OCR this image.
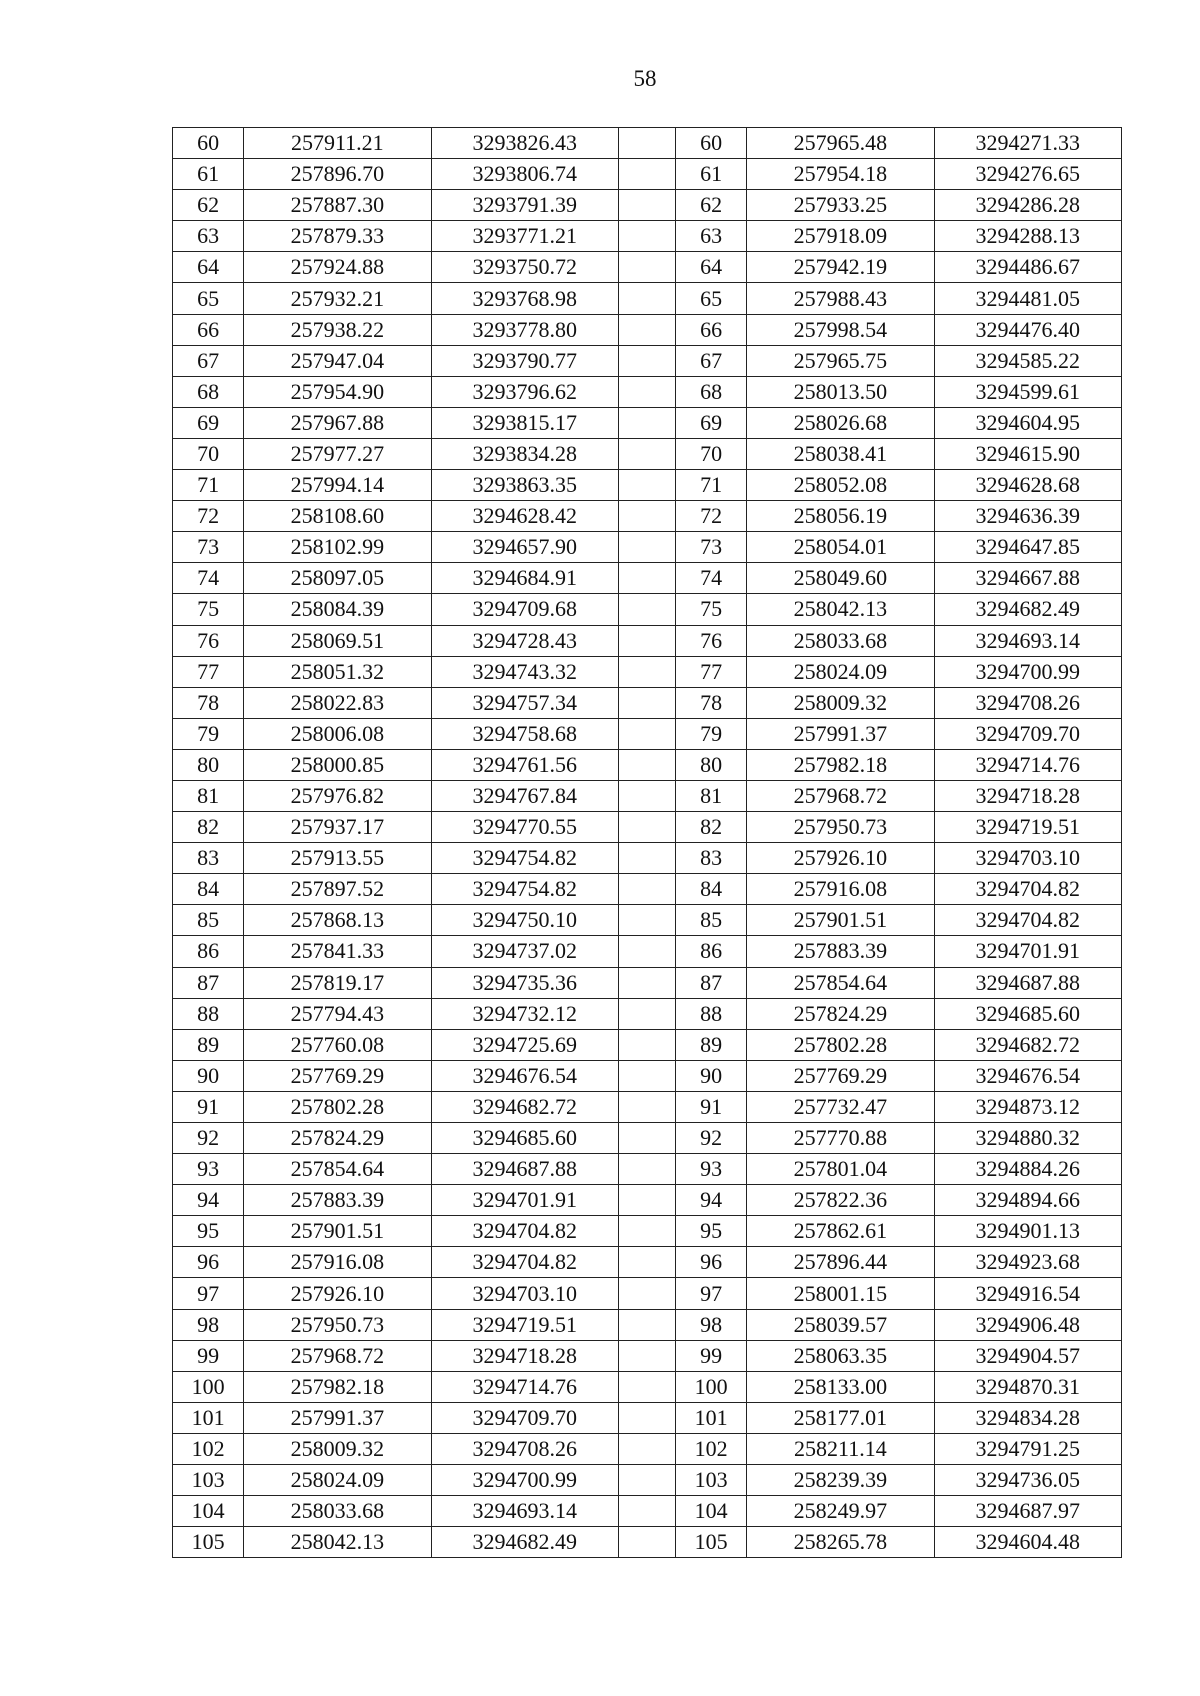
58
60	257911.21	3293826.43		60	257965.48	3294271.33
61	257896.70	3293806.74		61	257954.18	3294276.65
62	257887.30	3293791.39		62	257933.25	3294286.28
63	257879.33	3293771.21		63	257918.09	3294288.13
64	257924.88	3293750.72		64	257942.19	3294486.67
65	257932.21	3293768.98		65	257988.43	3294481.05
66	257938.22	3293778.80		66	257998.54	3294476.40
67	257947.04	3293790.77		67	257965.75	3294585.22
68	257954.90	3293796.62		68	258013.50	3294599.61
69	257967.88	3293815.17		69	258026.68	3294604.95
70	257977.27	3293834.28		70	258038.41	3294615.90
71	257994.14	3293863.35		71	258052.08	3294628.68
72	258108.60	3294628.42		72	258056.19	3294636.39
73	258102.99	3294657.90		73	258054.01	3294647.85
74	258097.05	3294684.91		74	258049.60	3294667.88
75	258084.39	3294709.68		75	258042.13	3294682.49
76	258069.51	3294728.43		76	258033.68	3294693.14
77	258051.32	3294743.32		77	258024.09	3294700.99
78	258022.83	3294757.34		78	258009.32	3294708.26
79	258006.08	3294758.68		79	257991.37	3294709.70
80	258000.85	3294761.56		80	257982.18	3294714.76
81	257976.82	3294767.84		81	257968.72	3294718.28
82	257937.17	3294770.55		82	257950.73	3294719.51
83	257913.55	3294754.82		83	257926.10	3294703.10
84	257897.52	3294754.82		84	257916.08	3294704.82
85	257868.13	3294750.10		85	257901.51	3294704.82
86	257841.33	3294737.02		86	257883.39	3294701.91
87	257819.17	3294735.36		87	257854.64	3294687.88
88	257794.43	3294732.12		88	257824.29	3294685.60
89	257760.08	3294725.69		89	257802.28	3294682.72
90	257769.29	3294676.54		90	257769.29	3294676.54
91	257802.28	3294682.72		91	257732.47	3294873.12
92	257824.29	3294685.60		92	257770.88	3294880.32
93	257854.64	3294687.88		93	257801.04	3294884.26
94	257883.39	3294701.91		94	257822.36	3294894.66
95	257901.51	3294704.82		95	257862.61	3294901.13
96	257916.08	3294704.82		96	257896.44	3294923.68
97	257926.10	3294703.10		97	258001.15	3294916.54
98	257950.73	3294719.51		98	258039.57	3294906.48
99	257968.72	3294718.28		99	258063.35	3294904.57
100	257982.18	3294714.76		100	258133.00	3294870.31
101	257991.37	3294709.70		101	258177.01	3294834.28
102	258009.32	3294708.26		102	258211.14	3294791.25
103	258024.09	3294700.99		103	258239.39	3294736.05
104	258033.68	3294693.14		104	258249.97	3294687.97
105	258042.13	3294682.49		105	258265.78	3294604.48
